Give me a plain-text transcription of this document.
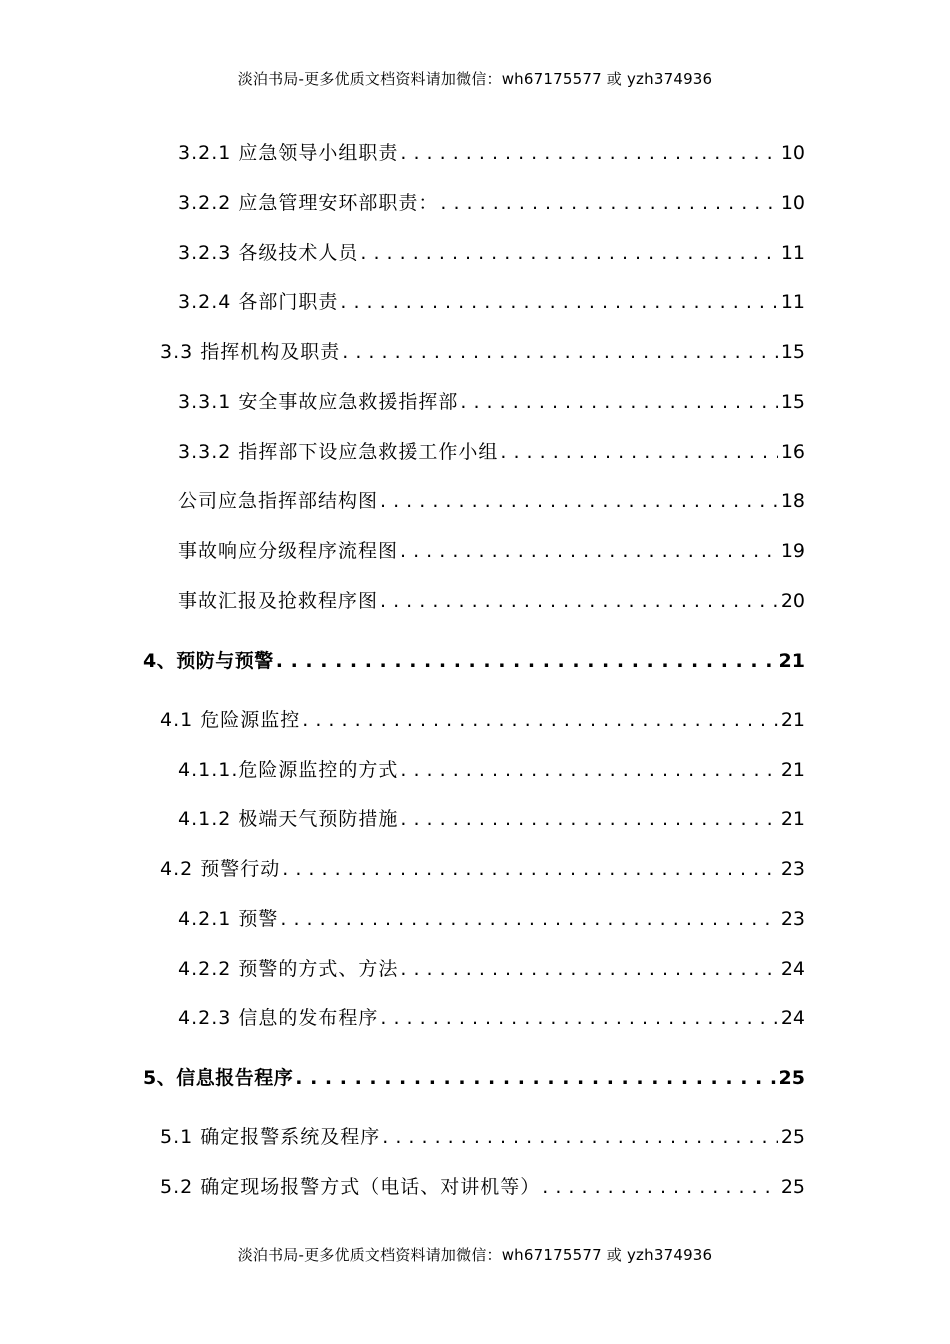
淡泊书局-更多优质文档资料请加微信：wh67175577 或 yzh374936
3.2.1 应急领导小组职责 . . .	10
3.2.2 应急管理安环部职责： . . .	10
3.2.3 各级技术人员 . . .	11
3.2.4 各部门职责 . . .	11
3.3 指挥机构及职责 . . .	15
3.3.1 安全事故应急救援指挥部 . . .	15
3.3.2 指挥部下设应急救援工作小组 . . .	16
公司应急指挥部结构图 . . .	18
事故响应分级程序流程图 . . .	19
事故汇报及抢救程序图 . . .	20
4、预防与预警 . . .	21
4.1 危险源监控 . . .	21
4.1.1.危险源监控的方式 . . .	21
4.1.2 极端天气预防措施 . . .	21
4.2 预警行动 . . .	23
4.2.1 预警 . . .	23
4.2.2 预警的方式、方法 . . .	24
4.2.3 信息的发布程序 . . .	24
5、信息报告程序 . . .	25
5.1 确定报警系统及程序 . . .	25
5.2 确定现场报警方式（电话、对讲机等） . . .	25
淡泊书局-更多优质文档资料请加微信：wh67175577 或 yzh374936
